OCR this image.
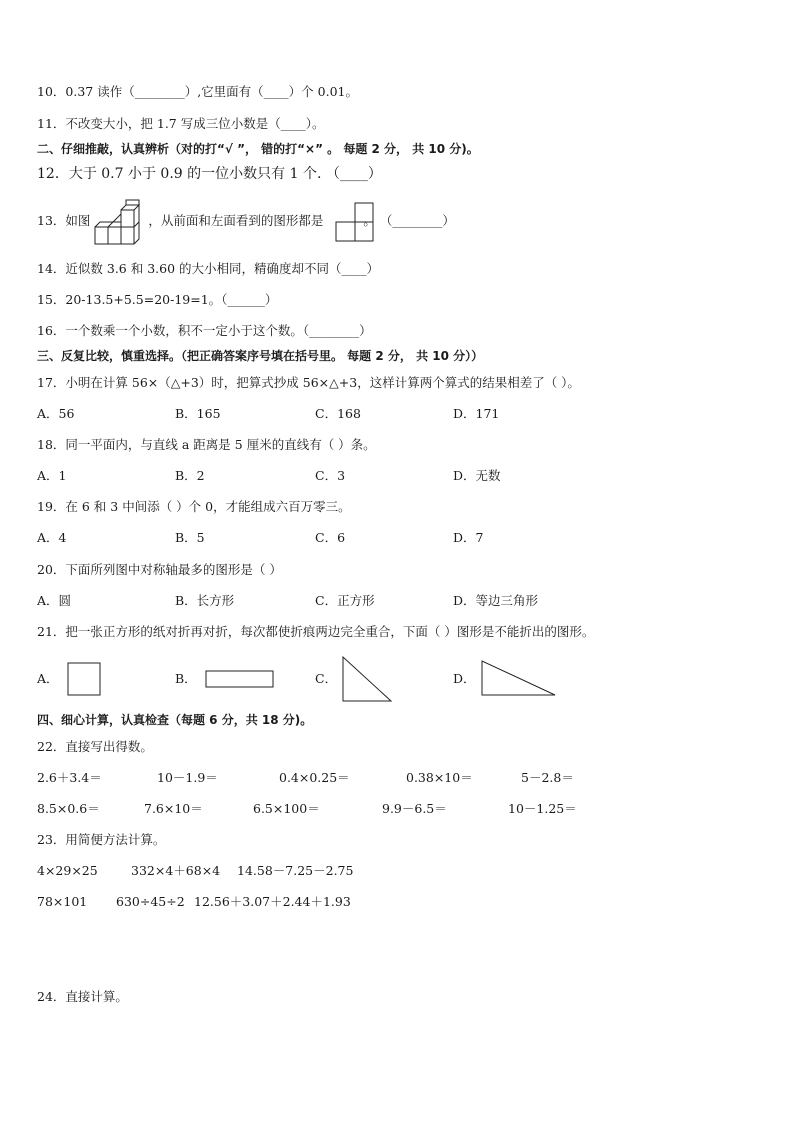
10．0.37 读作（________）,它里面有（____）个 0.01。
11．不改变大小，把 1.7 写成三位小数是（____）。
二、仔细推敲，认真辨析（对的打“√ ”， 错的打“×” 。 每题 2 分， 共 10 分)。
12．大于 0.7 小于 0.9 的一位小数只有 1 个. （____）
13．如图	，从前面和左面看到的图形都是	。 （________）
14．近似数 3.6 和 3.60 的大小相同，精确度却不同（____）
15．20-13.5+5.5=20-19=1。（______）
16．一个数乘一个小数，积不一定小于这个数。（________）
三、反复比较，慎重选择。（把正确答案序号填在括号里。 每题 2 分， 共 10 分））
17．小明在计算 56×（△+3）时，把算式抄成 56×△+3，这样计算两个算式的结果相差了（ ）。
A．56	B．165	C．168	D．171
18．同一平面内，与直线 a 距离是 5 厘米的直线有（ ）条。
A．1	B．2	C．3	D．无数
19．在 6 和 3 中间添（ ）个 0，才能组成六百万零三。
A．4	B．5	C．6	D．7
20．下面所列图中对称轴最多的图形是（ ）
A．圆	B．长方形	C．正方形	D．等边三角形
21．把一张正方形的纸对折再对折，每次都使折痕两边完全重合，下面（ ）图形是不能折出的图形。
A．	B．	C．	D．
四、细心计算，认真检查（每题 6 分，共 18 分)。
22．直接写出得数。
2.6＋3.4＝	10－1.9＝	0.4×0.25＝	0.38×10＝	5－2.8＝
8.5×0.6＝	7.6×10＝	6.5×100＝	9.9－6.5＝	10－1.25＝
23．用简便方法计算。
4×29×25	332×4＋68×4 14.58－7.25－2.75
78×101 630÷45÷2 12.56＋3.07＋2.44＋1.93
24．直接计算。
